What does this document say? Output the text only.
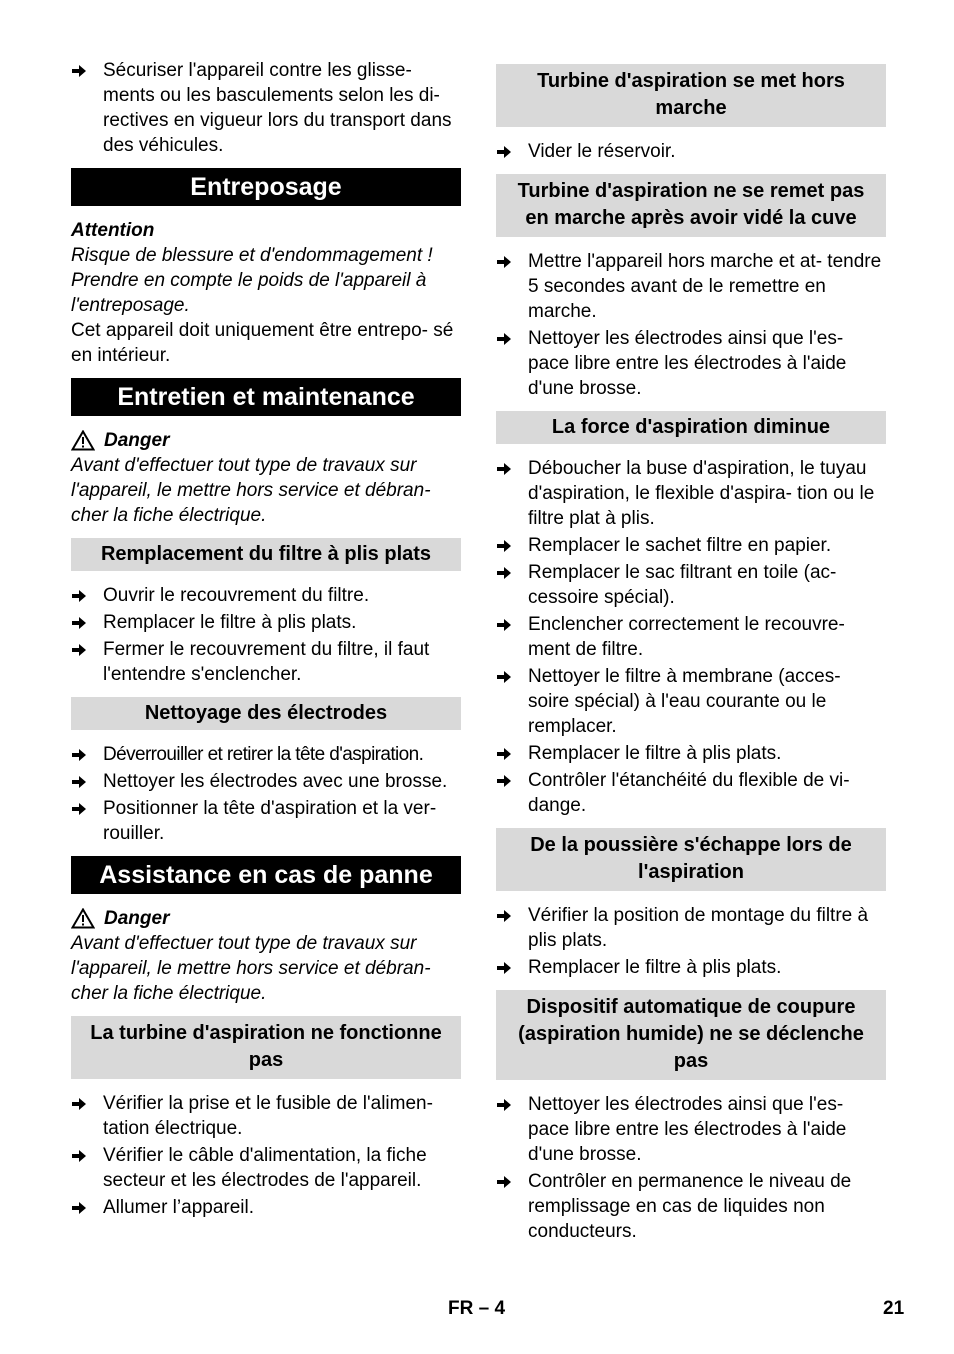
Sécuriser l'appareil contre les glisse- ments ou les basculements selon les di- rectives en vigueur lors du transport dans des véhicules.
Entreposage

Attention

Risque de blessure et d'endommagement ! Prendre en compte le poids de l'appareil à l'entreposage.

Cet appareil doit uniquement être entrepo- sé en intérieur.

Entretien et maintenance

Danger

Avant d'effectuer tout type de travaux sur l'appareil, le mettre hors service et débran- cher la fiche électrique.

Remplacement du filtre à plis plats
Ouvrir le recouvrement du filtre.
Remplacer le filtre à plis plats.
Fermer le recouvrement du filtre, il faut l'entendre s'enclencher.
Nettoyage des électrodes
Déverrouiller et retirer la tête d'aspiration.
Nettoyer les électrodes avec une brosse.
Positionner la tête d'aspiration et la ver- rouiller.
Assistance en cas de panne

Danger

Avant d'effectuer tout type de travaux sur l'appareil, le mettre hors service et débran- cher la fiche électrique.

La turbine d'aspiration ne fonctionne pas
Vérifier la prise et le fusible de l'alimen- tation électrique.
Vérifier le câble d'alimentation, la fiche secteur et les électrodes de l'appareil.
Allumer l’appareil.
Turbine d'aspiration se met hors marche
Vider le réservoir.
Turbine d'aspiration ne se remet pas en marche après avoir vidé la cuve
Mettre l'appareil hors marche et at- tendre 5 secondes avant de le remettre en marche.
Nettoyer les électrodes ainsi que l'es- pace libre entre les électrodes à l'aide d'une brosse.
La force d'aspiration diminue
Déboucher la buse d'aspiration, le tuyau d'aspiration, le flexible d'aspira- tion ou le filtre plat à plis.
Remplacer le sachet filtre en papier.
Remplacer le sac filtrant en toile (ac- cessoire spécial).
Enclencher correctement le recouvre- ment de filtre.
Nettoyer le filtre à membrane (acces- soire spécial) à l'eau courante ou le remplacer.
Remplacer le filtre à plis plats.
Contrôler l'étanchéité du flexible de vi- dange.
De la poussière s'échappe lors de l'aspiration
Vérifier la position de montage du filtre à plis plats.
Remplacer le filtre à plis plats.
Dispositif automatique de coupure (aspiration humide) ne se déclenche pas
Nettoyer les électrodes ainsi que l'es- pace libre entre les électrodes à l'aide d'une brosse.
Contrôler en permanence le niveau de remplissage en cas de liquides non conducteurs.
FR – 4	21
